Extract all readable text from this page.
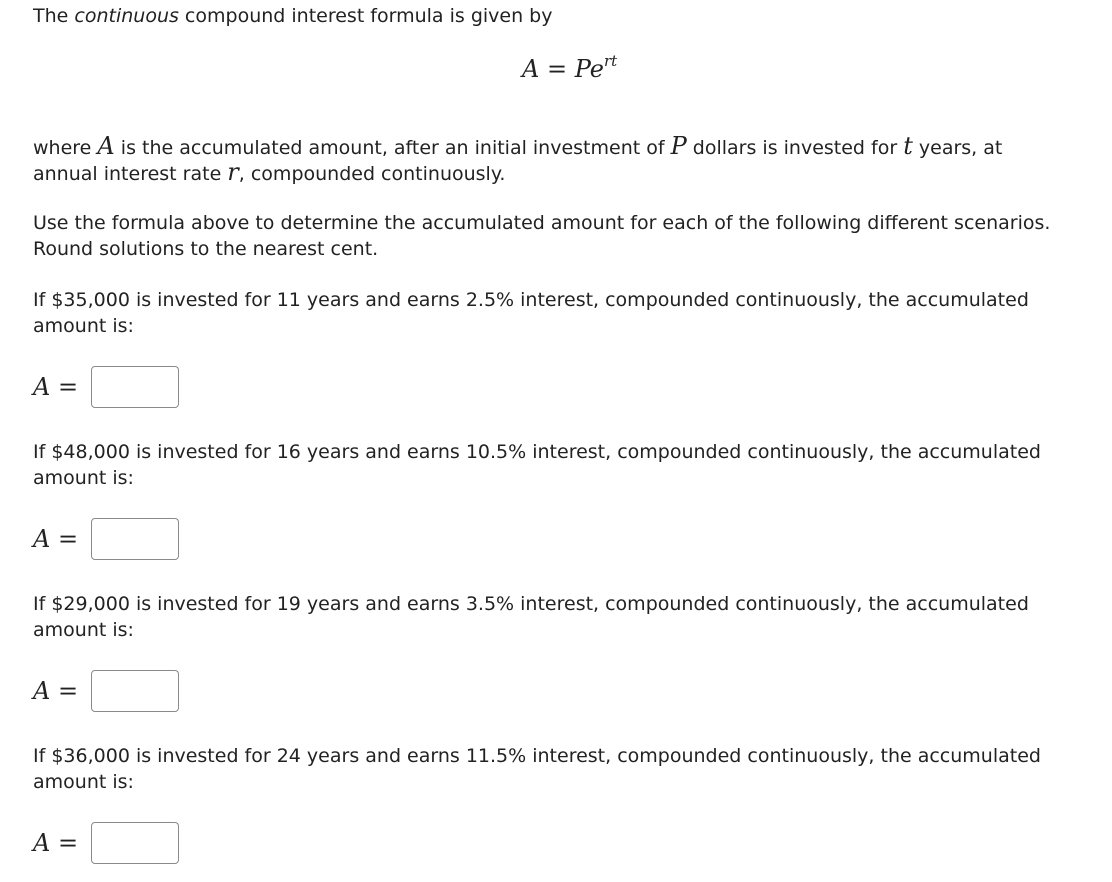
The continuous compound interest formula is given by
$A = Pe^{rt}$
where A is the accumulated amount, after an initial investment of P dollars is invested for t years, at
annual interest rate r, compounded continuously.
Use the formula above to determine the accumulated amount for each of the following different scenarios.
Round solutions to the nearest cent.
If $35,000 is invested for 11 years and earns 2.5% interest, compounded continuously, the accumulated
amount is:
A =
If $48,000 is invested for 16 years and earns 10.5% interest, compounded continuously, the accumulated
amount is:
A =
If $29,000 is invested for 19 years and earns 3.5% interest, compounded continuously, the accumulated
amount is:
A =
If $36,000 is invested for 24 years and earns 11.5% interest, compounded continuously, the accumulated
amount is:
A =
